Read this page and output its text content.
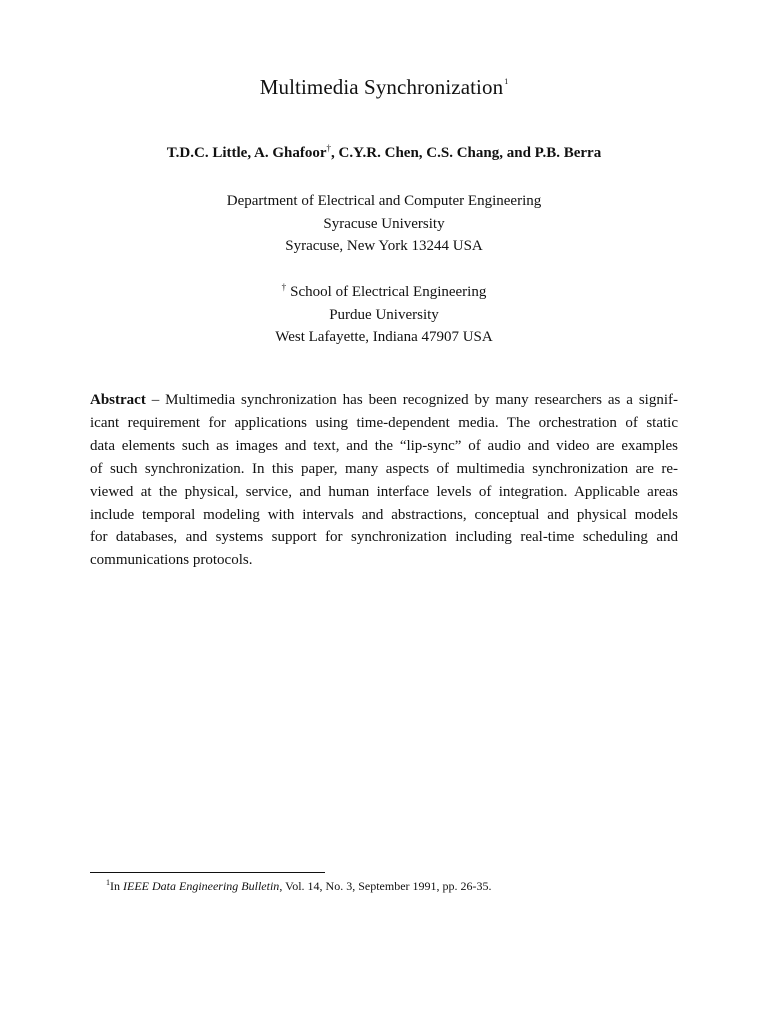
Multimedia Synchronization$^1$
T.D.C. Little, A. Ghafoor†, C.Y.R. Chen, C.S. Chang, and P.B. Berra
Department of Electrical and Computer Engineering
Syracuse University
Syracuse, New York 13244 USA
† School of Electrical Engineering
Purdue University
West Lafayette, Indiana 47907 USA
Abstract – Multimedia synchronization has been recognized by many researchers as a signif-
icant requirement for applications using time-dependent media. The orchestration of static
data elements such as images and text, and the “lip-sync” of audio and video are examples
of such synchronization. In this paper, many aspects of multimedia synchronization are re-
viewed at the physical, service, and human interface levels of integration. Applicable areas
include temporal modeling with intervals and abstractions, conceptual and physical models
for databases, and systems support for synchronization including real-time scheduling and
communications protocols.
$^1$In IEEE Data Engineering Bulletin, Vol. 14, No. 3, September 1991, pp. 26-35.
